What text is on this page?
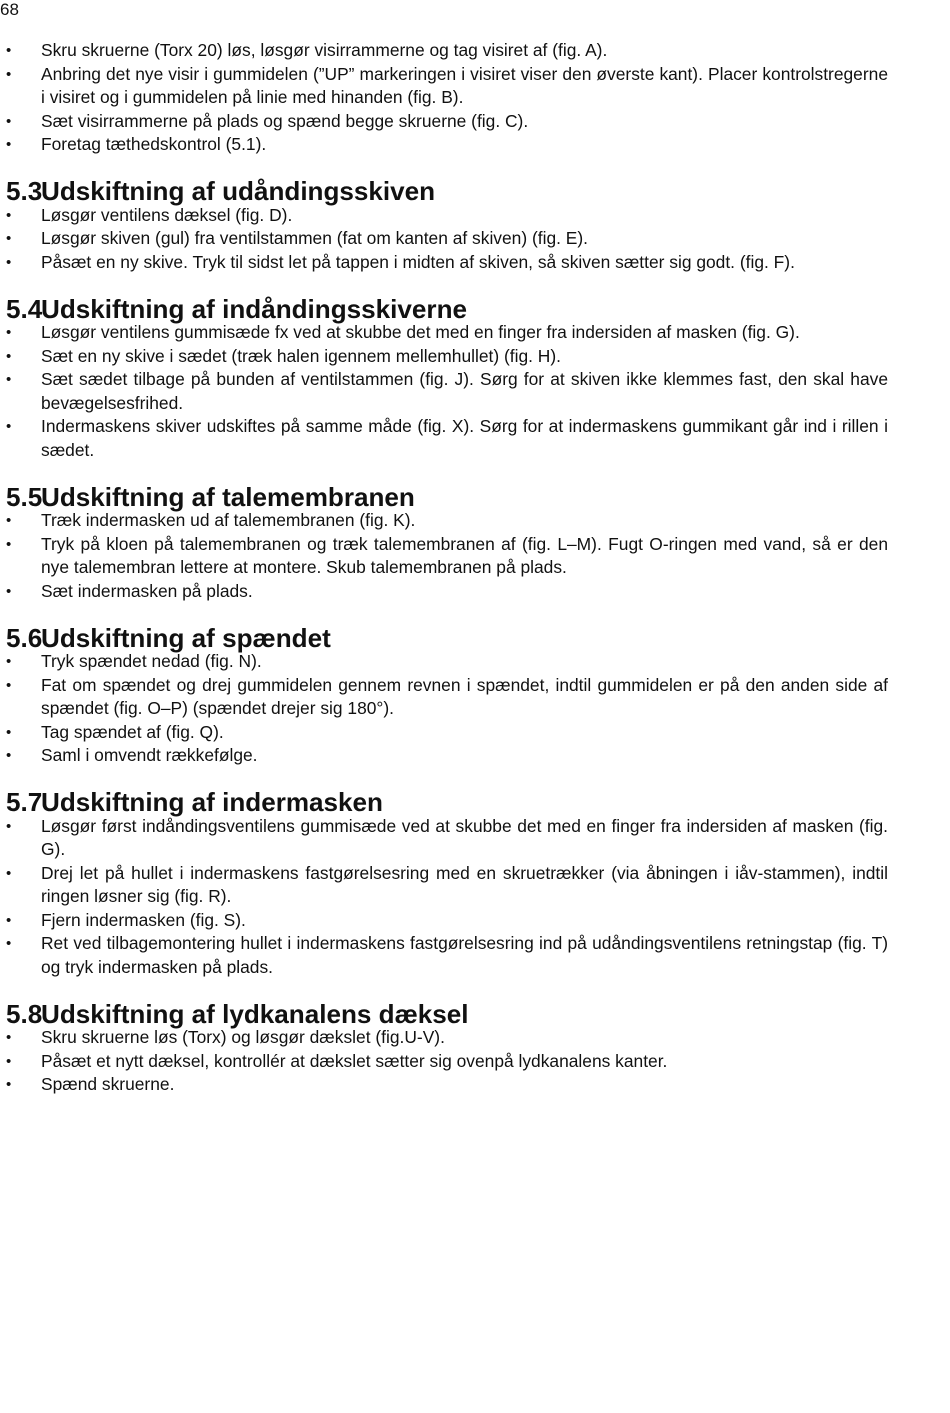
68
• Skru skruerne (Torx 20) løs, løsgør visirrammerne og tag visiret af (fig. A).
• Anbring det nye visir i gummidelen (”UP” markeringen i visiret viser den øverste kant). Placer kontrolstregerne i visiret og i gummidelen på linie med hinanden (fig. B).
• Sæt visirrammerne på plads og spænd begge skruerne (fig. C).
• Foretag tæthedskontrol (5.1).
5.3
Udskiftning af udåndingsskiven
• Løsgør ventilens dæksel (fig. D).
• Løsgør skiven (gul) fra ventilstammen (fat om kanten af skiven) (fig. E).
• Påsæt en ny skive. Tryk til sidst let på tappen i midten af skiven, så skiven sætter sig godt. (fig. F).
5.4
Udskiftning af indåndingsskiverne
• Løsgør ventilens gummisæde fx ved at skubbe det med en finger fra indersiden af masken (fig. G).
• Sæt en ny skive i sædet (træk halen igennem mellemhullet) (fig. H).
• Sæt sædet tilbage på bunden af ventilstammen (fig. J). Sørg for at skiven ikke klemmes fast, den skal have bevægelsesfrihed.
• Indermaskens skiver udskiftes på samme måde (fig. X). Sørg for at indermaskens gummikant går ind i rillen i sædet.
5.5
Udskiftning af talemembranen
• Træk indermasken ud af talemembranen (fig. K).
• Tryk på kloen på talemembranen og træk talemembranen af (fig. L–M). Fugt O-ringen med vand, så er den nye talemembran lettere at montere. Skub talemembranen på plads.
• Sæt indermasken på plads.
5.6
Udskiftning af spændet
• Tryk spændet nedad (fig. N).
• Fat om spændet og drej gummidelen gennem revnen i spændet, indtil gummidelen er på den anden side af spændet (fig. O–P) (spændet drejer sig 180°).
• Tag spændet af (fig. Q).
• Saml i omvendt rækkefølge.
5.7
Udskiftning af indermasken
• Løsgør først indåndingsventilens gummisæde ved at skubbe det med en finger fra indersiden af masken (fig. G).
• Drej let på hullet i indermaskens fastgørelsesring med en skruetrækker (via åbningen i iåv-stammen), indtil ringen løsner sig (fig. R).
• Fjern indermasken (fig. S).
• Ret ved tilbagemontering hullet i indermaskens fastgørelsesring ind på udåndingsventilens retningstap (fig. T) og tryk indermasken på plads.
5.8
Udskiftning af lydkanalens dæksel
• Skru skruerne løs (Torx) og løsgør dækslet (fig.U-V).
• Påsæt et nytt dæksel, kontrollér at dækslet sætter sig ovenpå lydkanalens kanter.
• Spænd skruerne.
